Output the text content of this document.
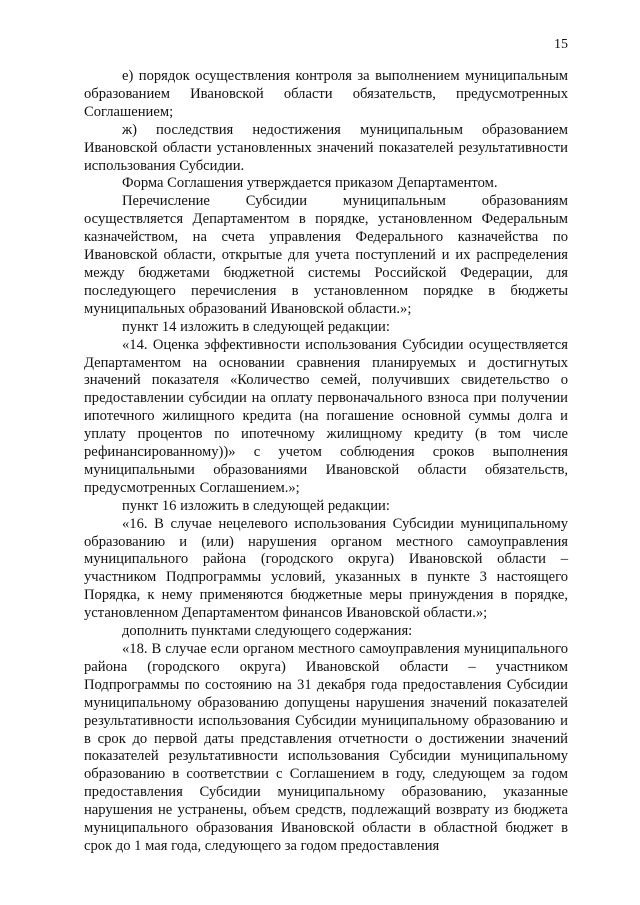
15

е) порядок осуществления контроля за выполнением муниципальным образованием Ивановской области обязательств, предусмотренных Соглашением;

ж) последствия недостижения муниципальным образованием Ивановской области установленных значений показателей результативности использования Субсидии.

Форма Соглашения утверждается приказом Департаментом.

Перечисление Субсидии муниципальным образованиям осуществляется Департаментом в порядке, установленном Федеральным казначейством, на счета управления Федерального казначейства по Ивановской области, открытые для учета поступлений и их распределения между бюджетами бюджетной системы Российской Федерации, для последующего перечисления в установленном порядке в бюджеты муниципальных образований Ивановской области.»;

пункт 14 изложить в следующей редакции:

«14. Оценка эффективности использования Субсидии осуществляется Департаментом на основании сравнения планируемых и достигнутых значений показателя «Количество семей, получивших свидетельство о предоставлении субсидии на оплату первоначального взноса при получении ипотечного жилищного кредита (на погашение основной суммы долга и уплату процентов по ипотечному жилищному кредиту (в том числе рефинансированному))» с учетом соблюдения сроков выполнения муниципальными образованиями Ивановской области обязательств, предусмотренных Соглашением.»;

пункт 16 изложить в следующей редакции:

«16. В случае нецелевого использования Субсидии муниципальному образованию и (или) нарушения органом местного самоуправления муниципального района (городского округа) Ивановской области – участником Подпрограммы условий, указанных в пункте 3 настоящего Порядка, к нему применяются бюджетные меры принуждения в порядке, установленном Департаментом финансов Ивановской области.»;

дополнить пунктами следующего содержания:

«18. В случае если органом местного самоуправления муниципального района (городского округа) Ивановской области – участником Подпрограммы по состоянию на 31 декабря года предоставления Субсидии муниципальному образованию допущены нарушения значений показателей результативности использования Субсидии муниципальному образованию и в срок до первой даты представления отчетности о достижении значений показателей результативности использования Субсидии муниципальному образованию в соответствии с Соглашением в году, следующем за годом предоставления Субсидии муниципальному образованию, указанные нарушения не устранены, объем средств, подлежащий возврату из бюджета муниципального образования Ивановской области в областной бюджет в срок до 1 мая года, следующего за годом предоставления
